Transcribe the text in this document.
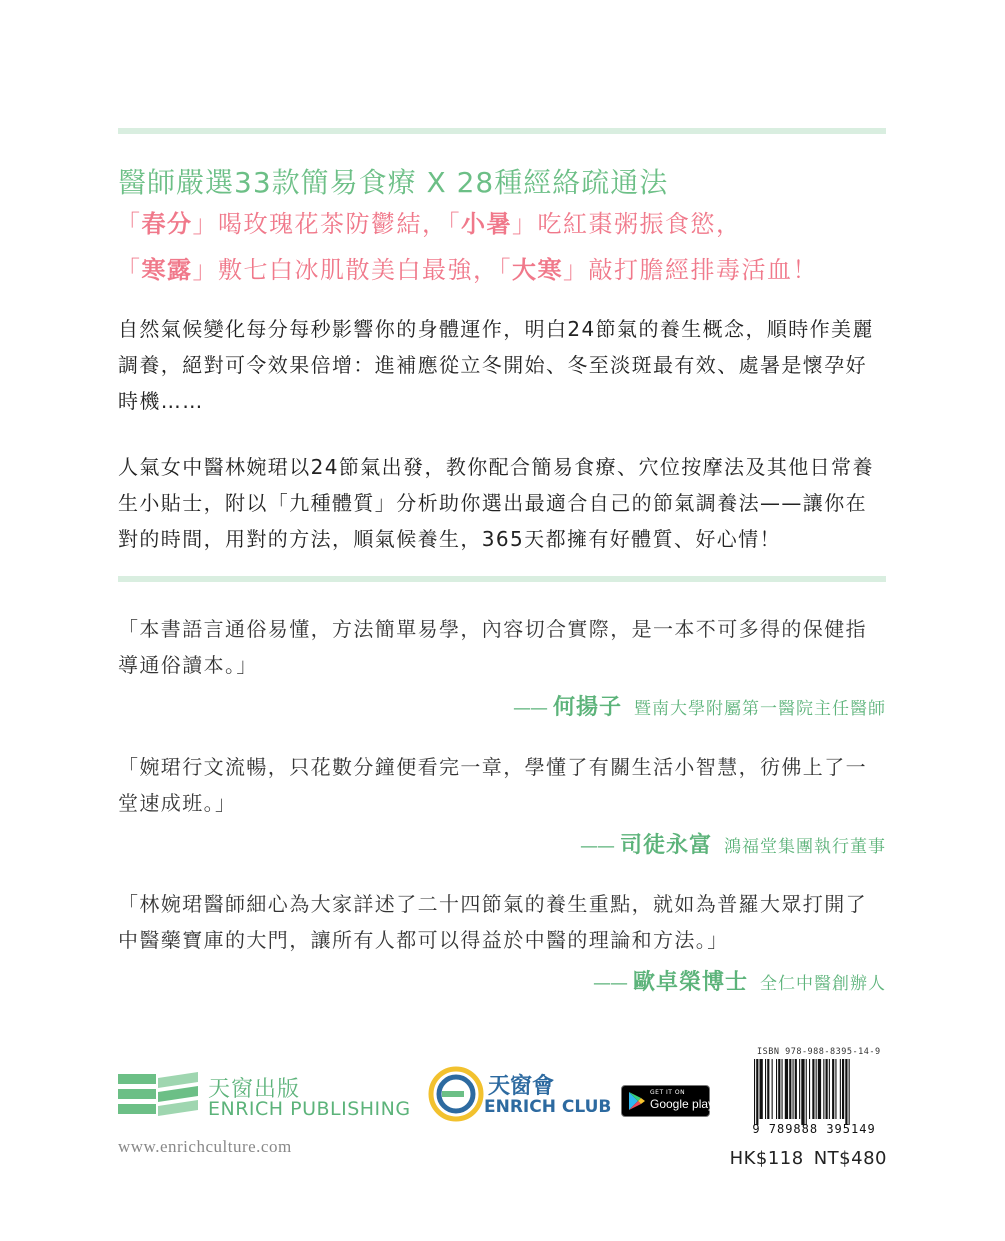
醫師嚴選33款簡易食療 X 28種經絡疏通法
「春分」喝玫瑰花茶防鬱結，「小暑」吃紅棗粥振食慾，
「寒露」敷七白冰肌散美白最強，「大寒」敲打膽經排毒活血！
自然氣候變化每分每秒影響你的身體運作，明白24節氣的養生概念，順時作美麗調養，絕對可令效果倍增：進補應從立冬開始、冬至淡斑最有效、處暑是懷孕好時機……
人氣女中醫林婉珺以24節氣出發，教你配合簡易食療、穴位按摩法及其他日常養生小貼士，附以「九種體質」分析助你選出最適合自己的節氣調養法——讓你在對的時間，用對的方法，順氣候養生，365天都擁有好體質、好心情！
「本書語言通俗易懂，方法簡單易學，內容切合實際，是一本不可多得的保健指導通俗讀本。」
—— 何揚子 暨南大學附屬第一醫院主任醫師
「婉珺行文流暢，只花數分鐘便看完一章，學懂了有關生活小智慧，彷佛上了一堂速成班。」
—— 司徒永富 鴻福堂集團執行董事
「林婉珺醫師細心為大家詳述了二十四節氣的養生重點，就如為普羅大眾打開了中醫藥寶庫的大門，讓所有人都可以得益於中醫的理論和方法。」
—— 歐卓榮博士 全仁中醫創辦人
天窗出版
ENRICH PUBLISHING
天窗會
ENRICH CLUB
GET IT ON
Google play
www.enrichculture.com
ISBN 978-988-8395-14-9
9 789888 395149
HK$118 NT$480
